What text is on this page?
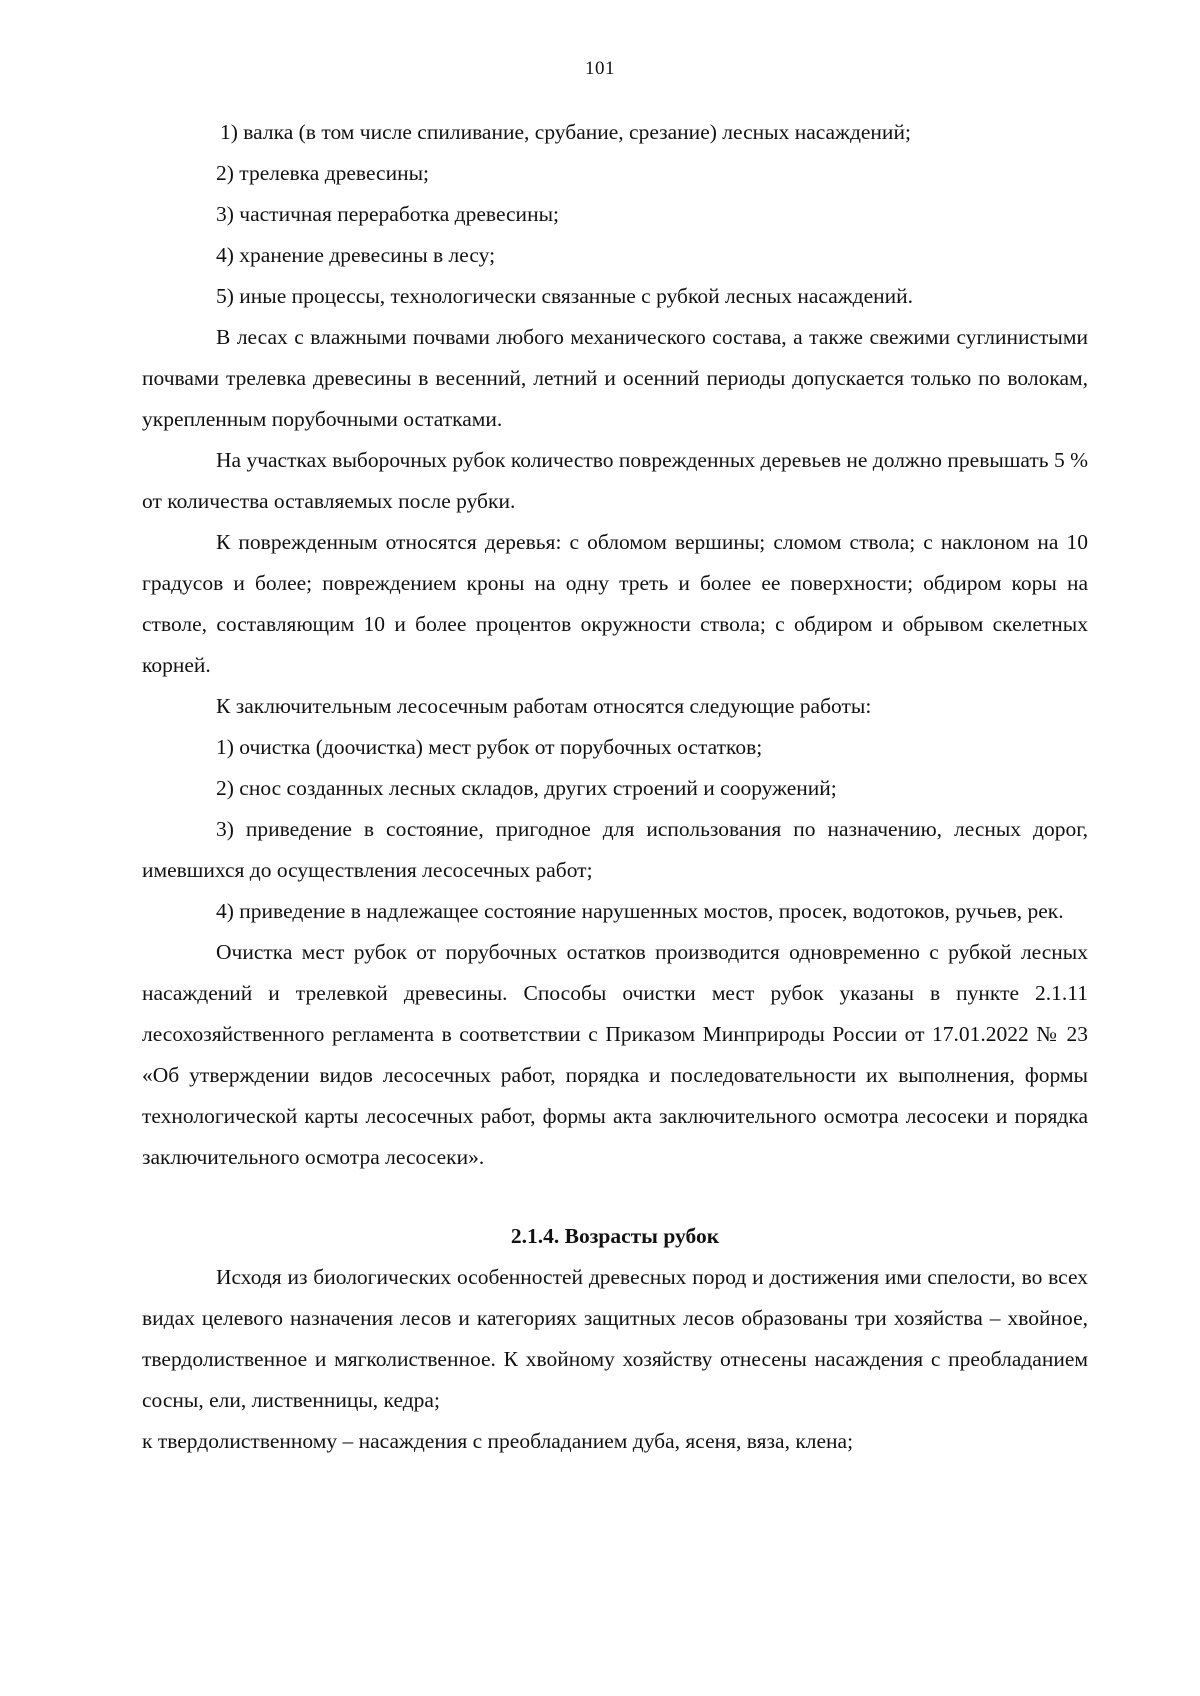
101

1) валка (в том числе спиливание, срубание, срезание) лесных насаждений;

2) трелевка древесины;

3) частичная переработка древесины;

4) хранение древесины в лесу;

5) иные процессы, технологически связанные с рубкой лесных насаждений.

В лесах с влажными почвами любого механического состава, а также свежими суглинистыми почвами трелевка древесины в весенний, летний и осенний периоды допускается только по волокам, укрепленным порубочными остатками.

На участках выборочных рубок количество поврежденных деревьев не должно превышать 5 % от количества оставляемых после рубки.

К поврежденным относятся деревья: с обломом вершины; сломом ствола; с наклоном на 10 градусов и более; повреждением кроны на одну треть и более ее поверхности; обдиром коры на стволе, составляющим 10 и более процентов окружности ствола; с обдиром и обрывом скелетных корней.

К заключительным лесосечным работам относятся следующие работы:

1) очистка (доочистка) мест рубок от порубочных остатков;

2) снос созданных лесных складов, других строений и сооружений;

3) приведение в состояние, пригодное для использования по назначению, лесных дорог, имевшихся до осуществления лесосечных работ;

4) приведение в надлежащее состояние нарушенных мостов, просек, водотоков, ручьев, рек.

Очистка мест рубок от порубочных остатков производится одновременно с рубкой лесных насаждений и трелевкой древесины. Способы очистки мест рубок указаны в пункте 2.1.11 лесохозяйственного регламента в соответствии с Приказом Минприроды России от 17.01.2022 № 23 «Об утверждении видов лесосечных работ, порядка и последовательности их выполнения, формы технологической карты лесосечных работ, формы акта заключительного осмотра лесосеки и порядка заключительного осмотра лесосеки».

2.1.4. Возрасты рубок

Исходя из биологических особенностей древесных пород и достижения ими спелости, во всех видах целевого назначения лесов и категориях защитных лесов образованы три хозяйства – хвойное, твердолиственное и мягколиственное. К хвойному хозяйству отнесены насаждения с преобладанием сосны, ели, лиственницы, кедра;

к твердолиственному – насаждения с преобладанием дуба, ясеня, вяза, клена;
